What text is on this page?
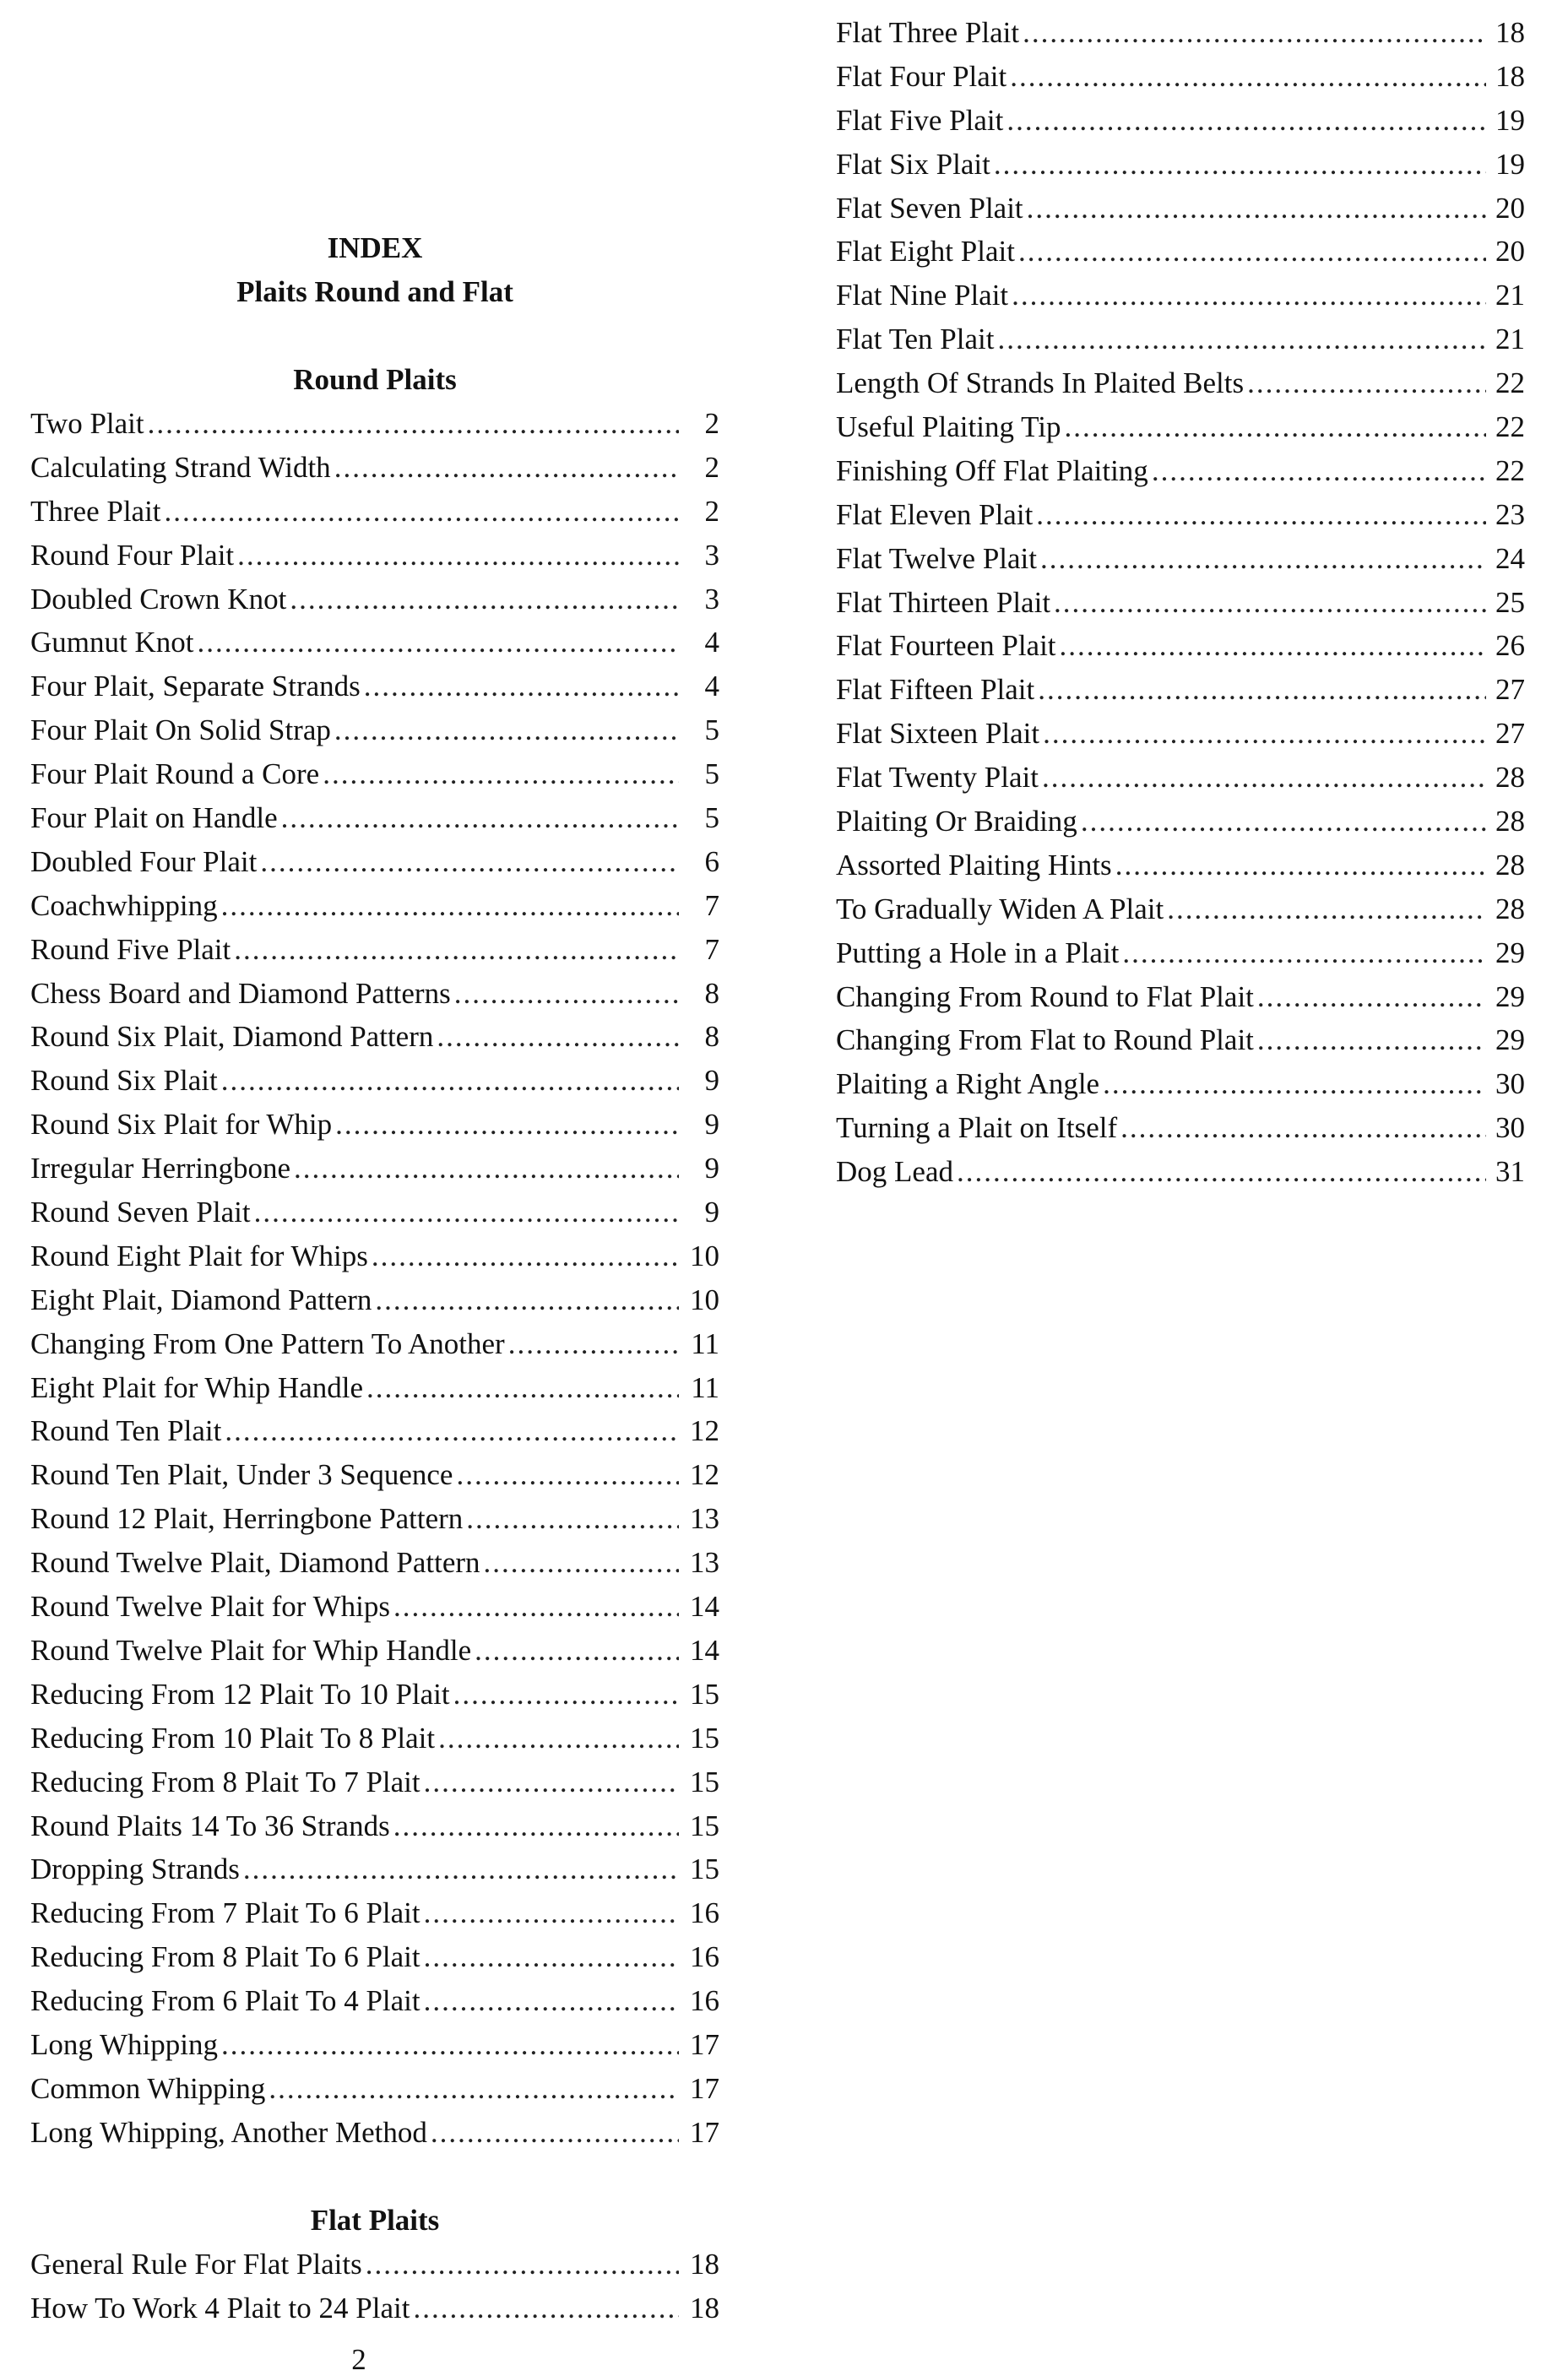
INDEX
Plaits Round and Flat
Round Plaits
Two Plait .....	2
Calculating Strand Width .....	2
Three Plait .....	2
Round Four Plait .....	3
Doubled Crown Knot .....	3
Gumnut Knot .....	4
Four Plait, Separate Strands .....	4
Four Plait On Solid Strap .....	5
Four Plait Round a Core .....	5
Four Plait on Handle .....	5
Doubled Four Plait .....	6
Coachwhipping .....	7
Round Five Plait .....	7
Chess Board and Diamond Patterns .....	8
Round Six Plait, Diamond Pattern .....	8
Round Six Plait .....	9
Round Six Plait for Whip .....	9
Irregular Herringbone .....	9
Round Seven Plait .....	9
Round Eight Plait for Whips .....	10
Eight Plait, Diamond Pattern .....	10
Changing From One Pattern To Another .....	11
Eight Plait for Whip Handle .....	11
Round Ten Plait .....	12
Round Ten Plait, Under 3 Sequence .....	12
Round 12 Plait, Herringbone Pattern .....	13
Round Twelve Plait, Diamond Pattern .....	13
Round Twelve Plait for Whips .....	14
Round Twelve Plait for Whip Handle .....	14
Reducing From 12 Plait To 10 Plait .....	15
Reducing From 10 Plait To 8 Plait .....	15
Reducing From 8 Plait To 7 Plait .....	15
Round Plaits 14 To 36 Strands .....	15
Dropping Strands .....	15
Reducing From 7 Plait To 6 Plait .....	16
Reducing From 8 Plait To 6 Plait .....	16
Reducing From 6 Plait To 4 Plait .....	16
Long Whipping .....	17
Common Whipping .....	17
Long Whipping, Another Method .....	17
Flat Plaits
General Rule For Flat Plaits .....	18
How To Work 4 Plait to 24 Plait .....	18
Flat Three Plait .....	18
Flat Four Plait .....	18
Flat Five Plait .....	19
Flat Six Plait .....	19
Flat Seven Plait .....	20
Flat Eight Plait .....	20
Flat Nine Plait .....	21
Flat Ten Plait .....	21
Length Of Strands In Plaited Belts .....	22
Useful Plaiting Tip .....	22
Finishing Off Flat Plaiting .....	22
Flat Eleven Plait .....	23
Flat Twelve Plait .....	24
Flat Thirteen Plait .....	25
Flat Fourteen Plait .....	26
Flat Fifteen Plait .....	27
Flat Sixteen Plait .....	27
Flat Twenty Plait .....	28
Plaiting Or Braiding .....	28
Assorted Plaiting Hints .....	28
To Gradually Widen A Plait .....	28
Putting a Hole in a Plait .....	29
Changing From Round to Flat Plait .....	29
Changing From Flat to Round Plait .....	29
Plaiting a Right Angle .....	30
Turning a Plait on Itself .....	30
Dog Lead .....	31
2
